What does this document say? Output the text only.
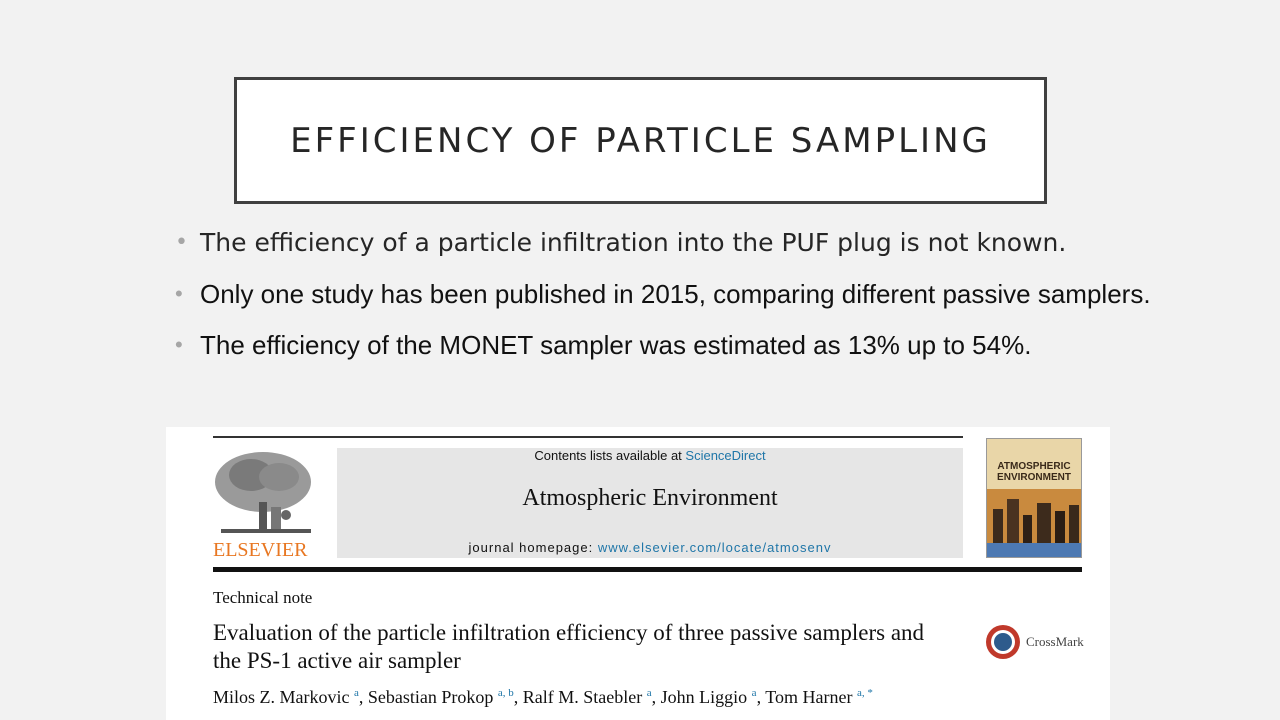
EFFICIENCY OF PARTICLE SAMPLING
• The efficiency of a particle infiltration into the PUF plug is not known.
• Only one study has been published in 2015, comparing different passive samplers.
• The efficiency of the MONET sampler was estimated as 13% up to 54%.
ELSEVIER
Contents lists available at ScienceDirect
Atmospheric Environment
journal homepage: www.elsevier.com/locate/atmosenv
ATMOSPHERIC ENVIRONMENT
Technical note
Evaluation of the particle infiltration efficiency of three passive samplers and the PS-1 active air sampler
CrossMark
Milos Z. Markovic $^a$, Sebastian Prokop $^{a, b}$, Ralf M. Staebler $^a$, John Liggio $^a$, Tom Harner $^{a, *}$
